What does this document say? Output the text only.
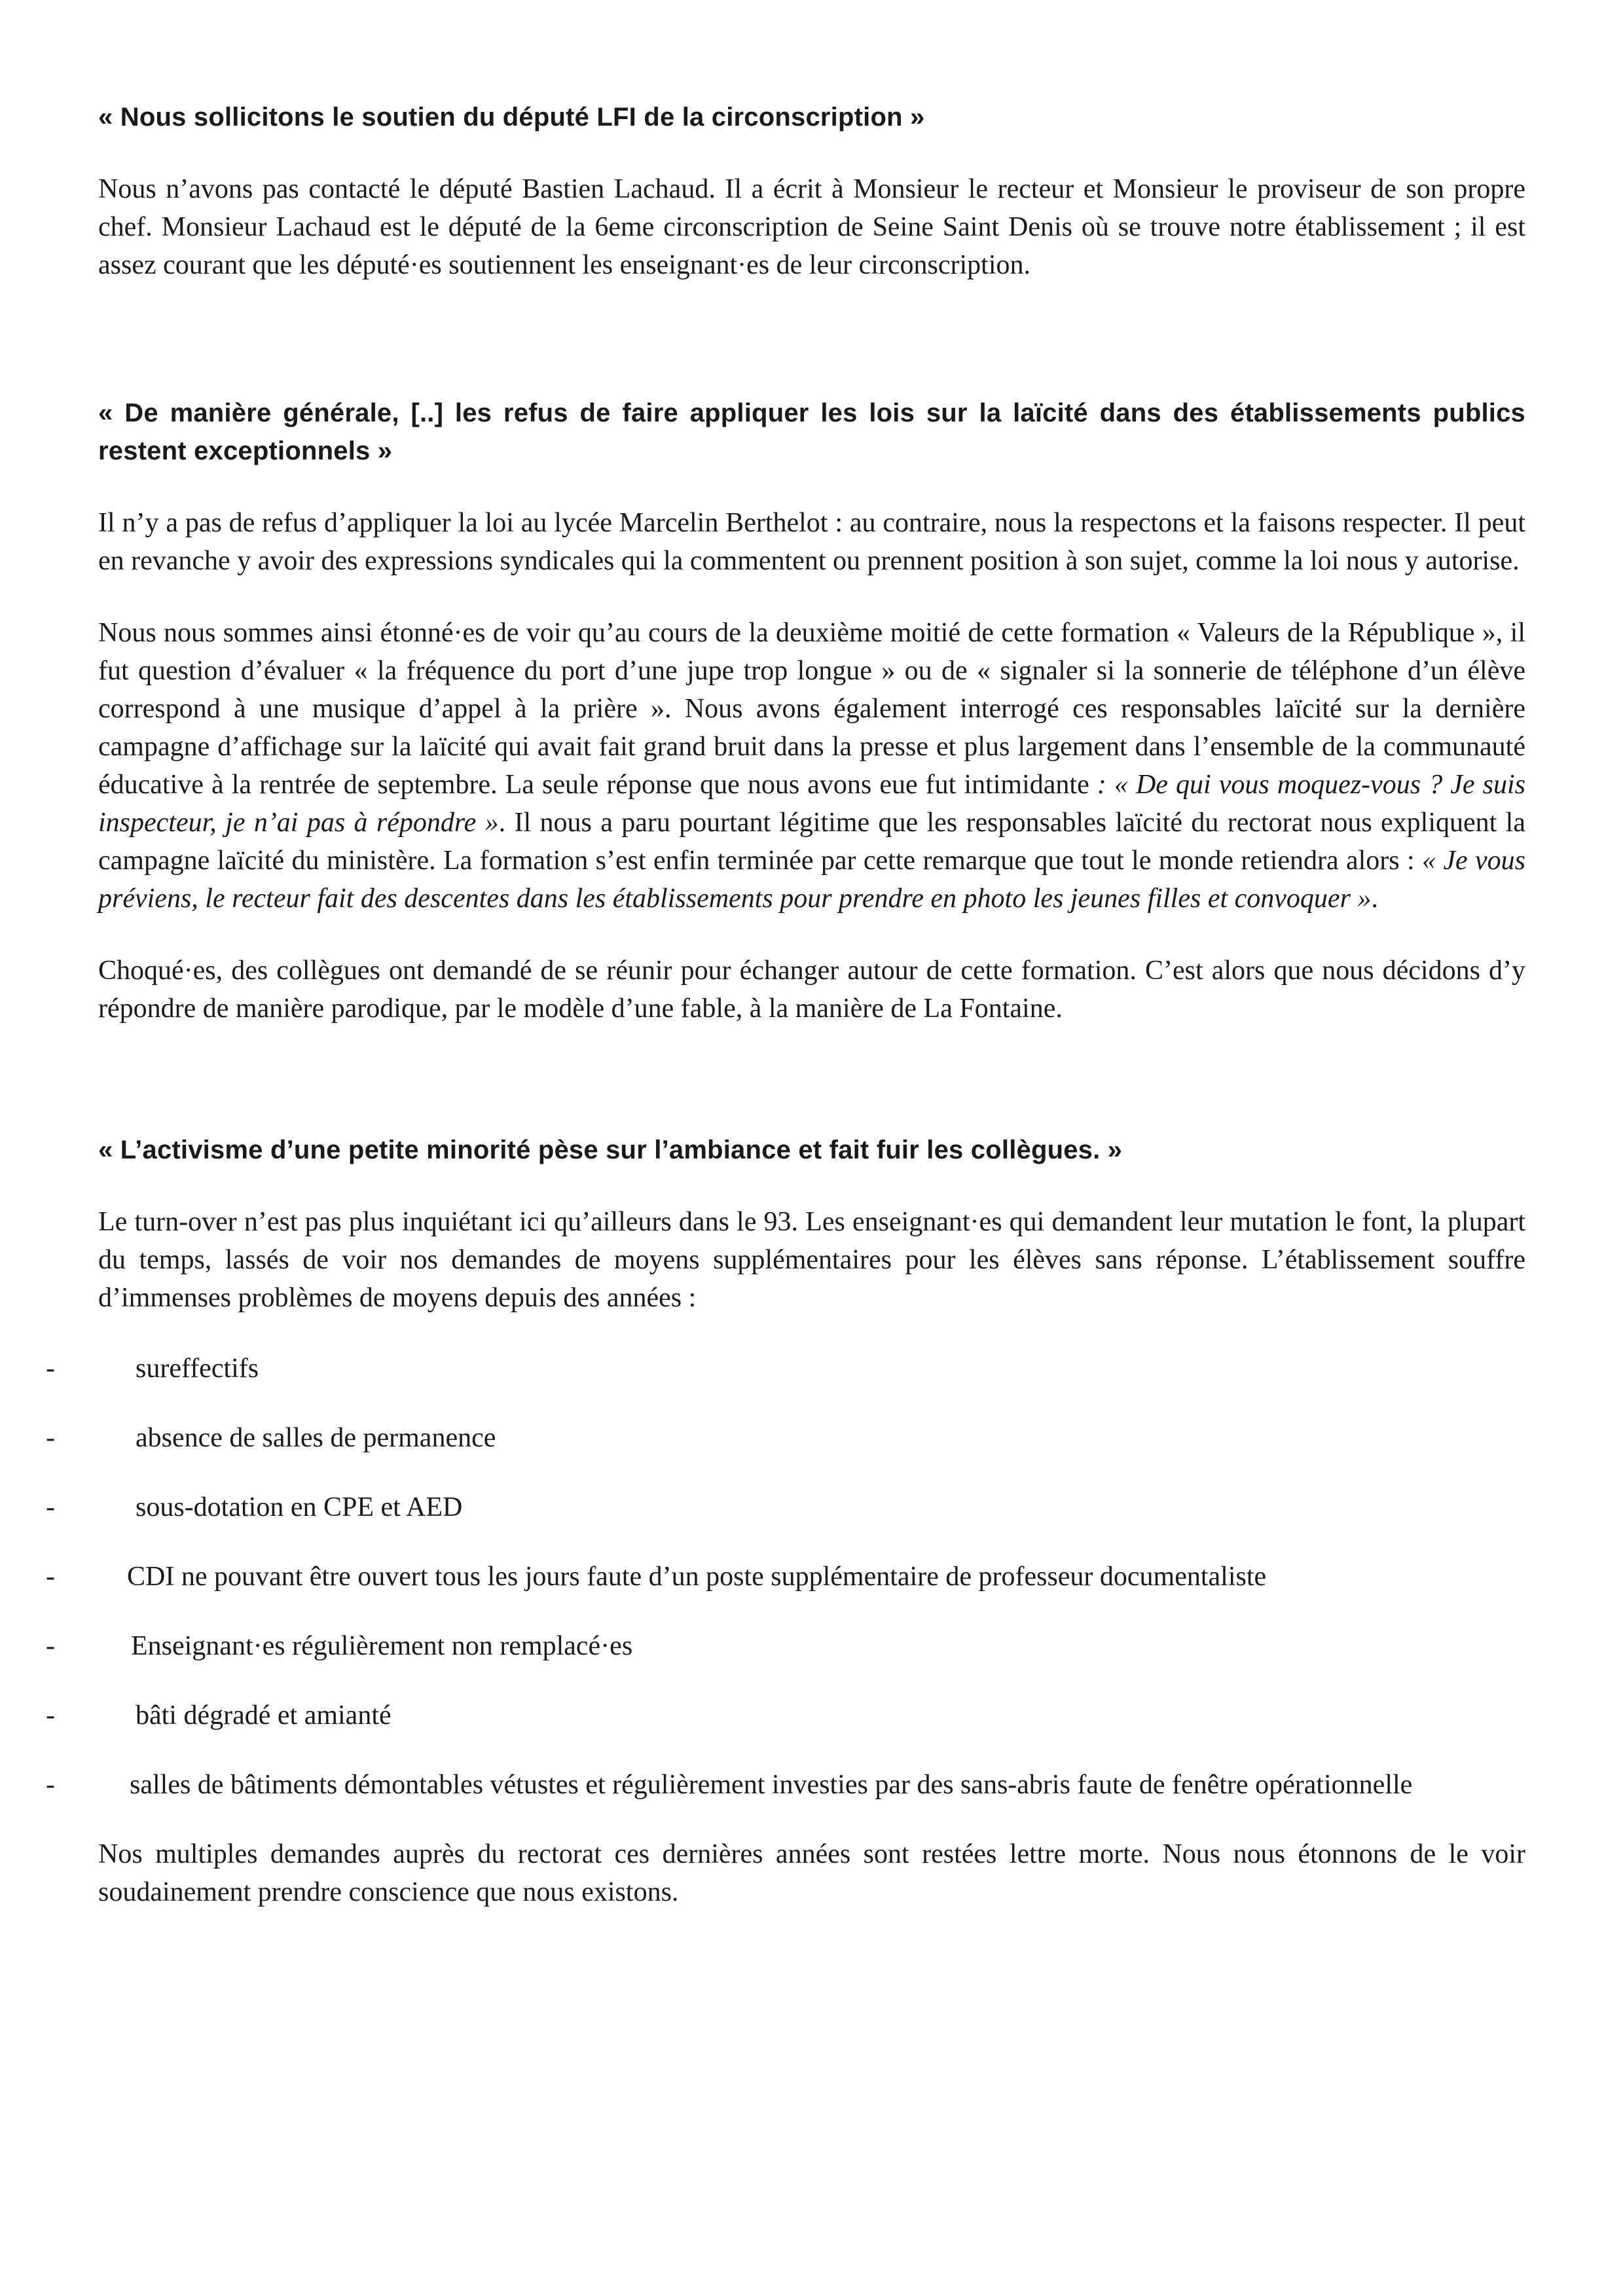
« Nous sollicitons le soutien du député LFI de la circonscription »

Nous n’avons pas contacté le député Bastien Lachaud. Il a écrit à Monsieur le recteur et Monsieur le proviseur de son propre chef. Monsieur Lachaud est le député de la 6eme circonscription de Seine Saint Denis où se trouve notre établissement ; il est assez courant que les député·es soutiennent les enseignant·es de leur circonscription.

« De manière générale, [..] les refus de faire appliquer les lois sur la laïcité dans des établissements publics restent exceptionnels »

Il n’y a pas de refus d’appliquer la loi au lycée Marcelin Berthelot : au contraire, nous la respectons et la faisons respecter. Il peut en revanche y avoir des expressions syndicales qui la commentent ou prennent position à son sujet, comme la loi nous y autorise.

Nous nous sommes ainsi étonné·es de voir qu’au cours de la deuxième moitié de cette formation « Valeurs de la République », il fut question d’évaluer « la fréquence du port d’une jupe trop longue » ou de « signaler si la sonnerie de téléphone d’un élève correspond à une musique d’appel à la prière ». Nous avons également interrogé ces responsables laïcité sur la dernière campagne d’affichage sur la laïcité qui avait fait grand bruit dans la presse et plus largement dans l’ensemble de la communauté éducative à la rentrée de septembre. La seule réponse que nous avons eue fut intimidante : « De qui vous moquez-vous ? Je suis inspecteur, je n’ai pas à répondre ». Il nous a paru pourtant légitime que les responsables laïcité du rectorat nous expliquent la campagne laïcité du ministère. La formation s’est enfin terminée par cette remarque que tout le monde retiendra alors : « Je vous préviens, le recteur fait des descentes dans les établissements pour prendre en photo les jeunes filles et convoquer ».

Choqué·es, des collègues ont demandé de se réunir pour échanger autour de cette formation. C’est alors que nous décidons d’y répondre de manière parodique, par le modèle d’une fable, à la manière de La Fontaine.

« L’activisme d’une petite minorité pèse sur l’ambiance et fait fuir les collègues. »

Le turn-over n’est pas plus inquiétant ici qu’ailleurs dans le 93. Les enseignant·es qui demandent leur mutation le font, la plupart du temps, lassés de voir nos demandes de moyens supplémentaires pour les élèves sans réponse. L’établissement souffre d’immenses problèmes de moyens depuis des années :

-	sureffectifs
-	absence de salles de permanence
-	sous-dotation en CPE et AED
-	CDI ne pouvant être ouvert tous les jours faute d’un poste supplémentaire de professeur documentaliste
-	Enseignant·es régulièrement non remplacé·es
-	bâti dégradé et amianté
-	salles de bâtiments démontables vétustes et régulièrement investies par des sans-abris faute de fenêtre opérationnelle

Nos multiples demandes auprès du rectorat ces dernières années sont restées lettre morte. Nous nous étonnons de le voir soudainement prendre conscience que nous existons.
